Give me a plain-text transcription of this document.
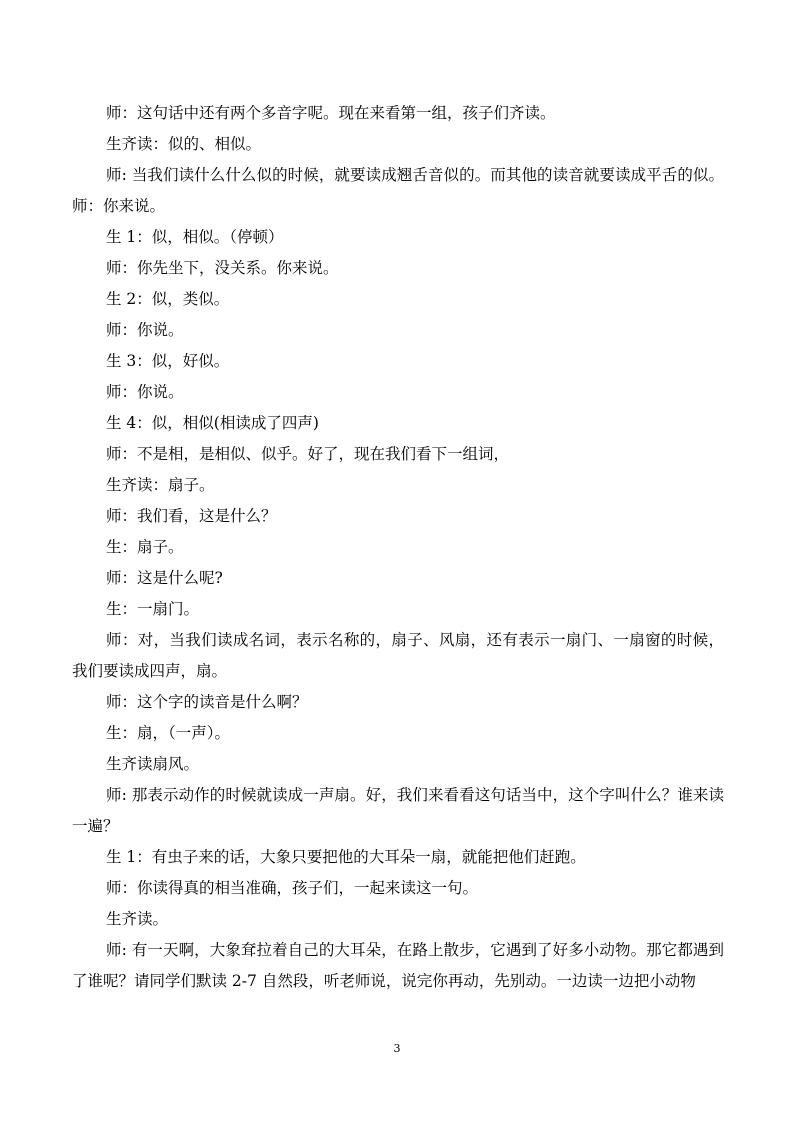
师：这句话中还有两个多音字呢。现在来看第一组，孩子们齐读。

生齐读：似的、相似。

师: 当我们读什么什么似的时候，就要读成翘舌音似的。而其他的读音就要读成平舌的似。师：你来说。

生 1：似，相似。（停顿）

师：你先坐下，没关系。你来说。

生 2：似，类似。

师：你说。

生 3：似，好似。

师：你说。

生 4：似，相似(相读成了四声)

师：不是相，是相似、似乎。好了，现在我们看下一组词，

生齐读：扇子。

师：我们看，这是什么？

生：扇子。

师：这是什么呢?

生：一扇门。

师：对，当我们读成名词，表示名称的，扇子、风扇，还有表示一扇门、一扇窗的时候，我们要读成四声，扇。

师：这个字的读音是什么啊？

生：扇，（一声）。

生齐读扇风。

师: 那表示动作的时候就读成一声扇。好，我们来看看这句话当中，这个字叫什么？谁来读一遍？

生 1：有虫子来的话，大象只要把他的大耳朵一扇，就能把他们赶跑。

师：你读得真的相当准确，孩子们，一起来读这一句。

生齐读。

师: 有一天啊，大象耷拉着自己的大耳朵，在路上散步，它遇到了好多小动物。那它都遇到了谁呢？请同学们默读 2-7 自然段，听老师说，说完你再动，先别动。一边读一边把小动物

3
